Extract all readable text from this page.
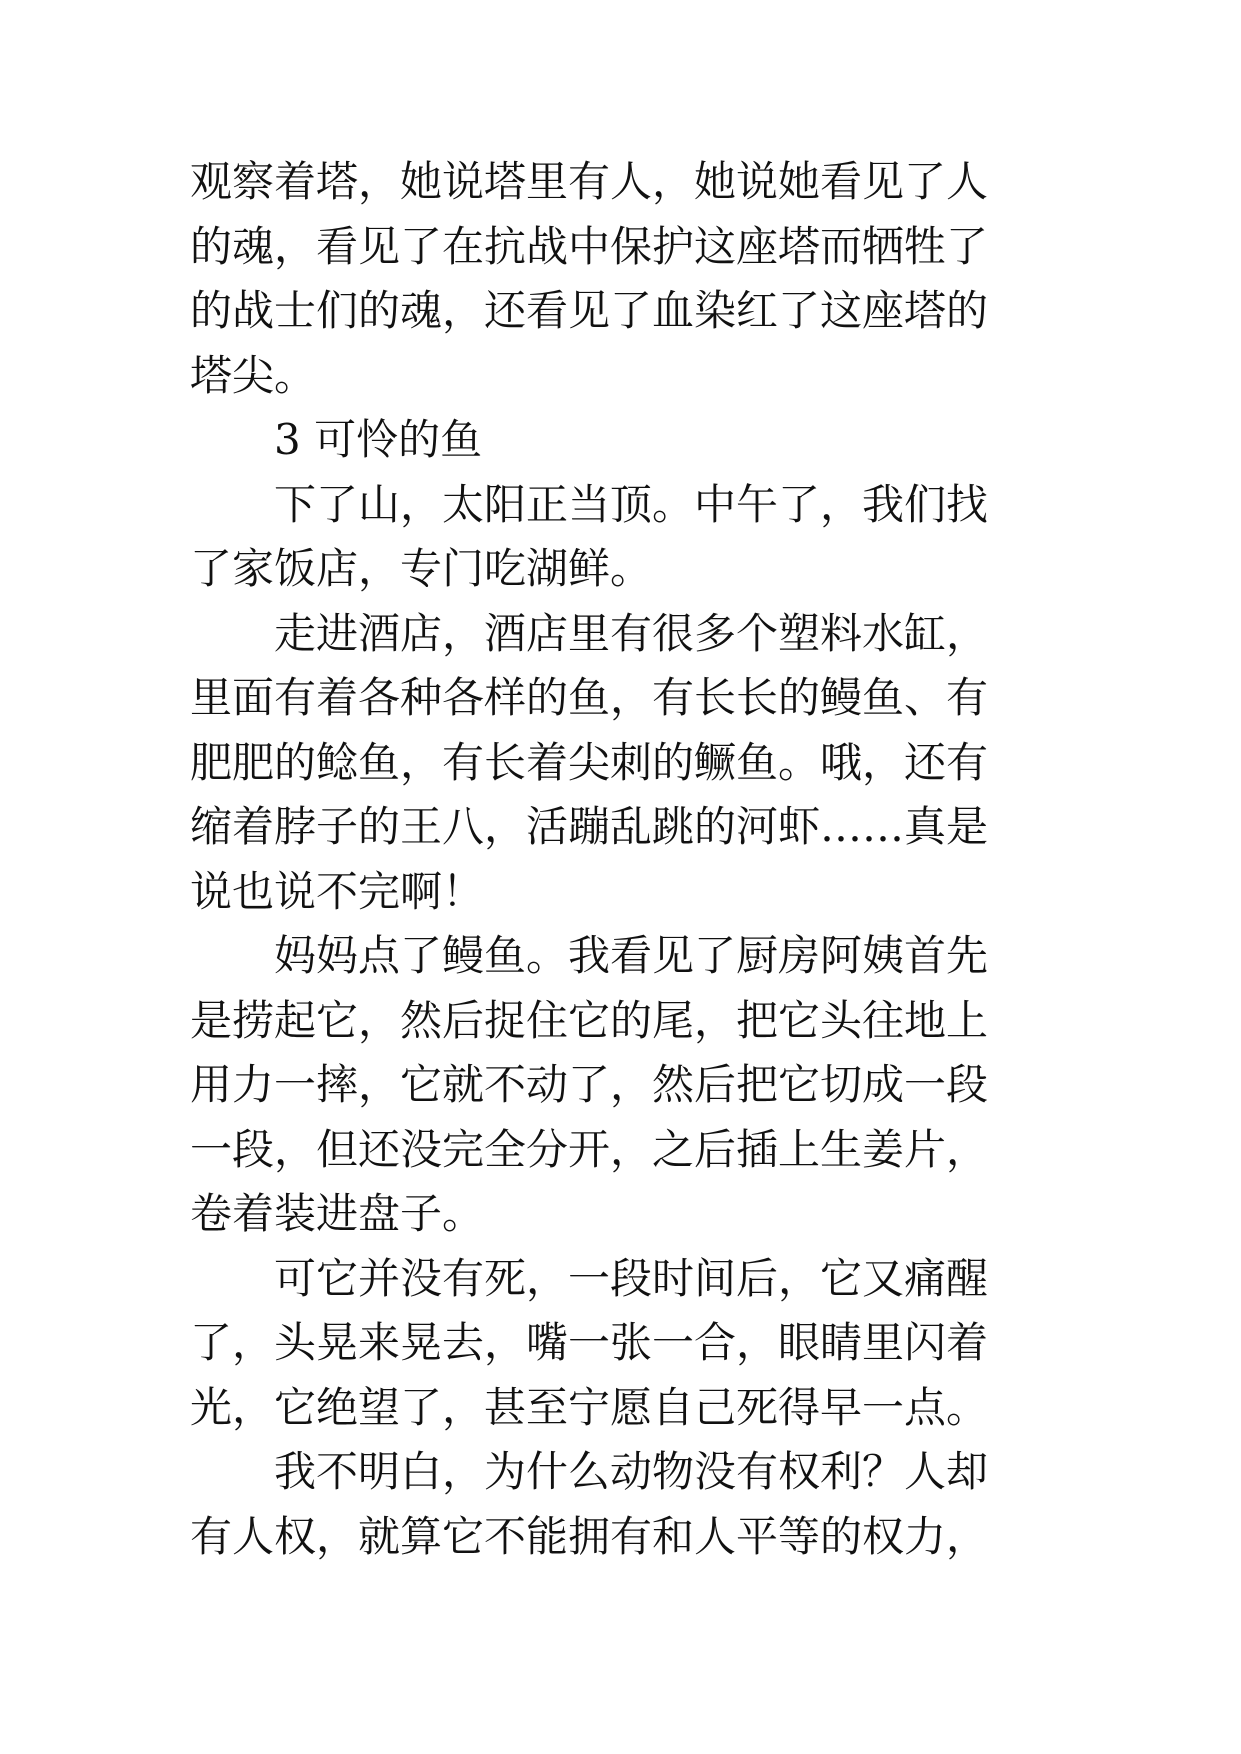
观察着塔，她说塔里有人，她说她看见了人
的魂，看见了在抗战中保护这座塔而牺牲了
的战士们的魂，还看见了血染红了这座塔的
塔尖。
　　3 可怜的鱼
　　下了山，太阳正当顶。中午了，我们找
了家饭店，专门吃湖鲜。
　　走进酒店，酒店里有很多个塑料水缸，
里面有着各种各样的鱼，有长长的鳗鱼、有
肥肥的鲶鱼，有长着尖刺的鳜鱼。哦，还有
缩着脖子的王八，活蹦乱跳的河虾……真是
说也说不完啊！
　　妈妈点了鳗鱼。我看见了厨房阿姨首先
是捞起它，然后捉住它的尾，把它头往地上
用力一摔，它就不动了，然后把它切成一段
一段，但还没完全分开，之后插上生姜片，
卷着装进盘子。
　　可它并没有死，一段时间后，它又痛醒
了，头晃来晃去，嘴一张一合，眼睛里闪着
光，它绝望了，甚至宁愿自己死得早一点。
　　我不明白，为什么动物没有权利？人却
有人权，就算它不能拥有和人平等的权力，
